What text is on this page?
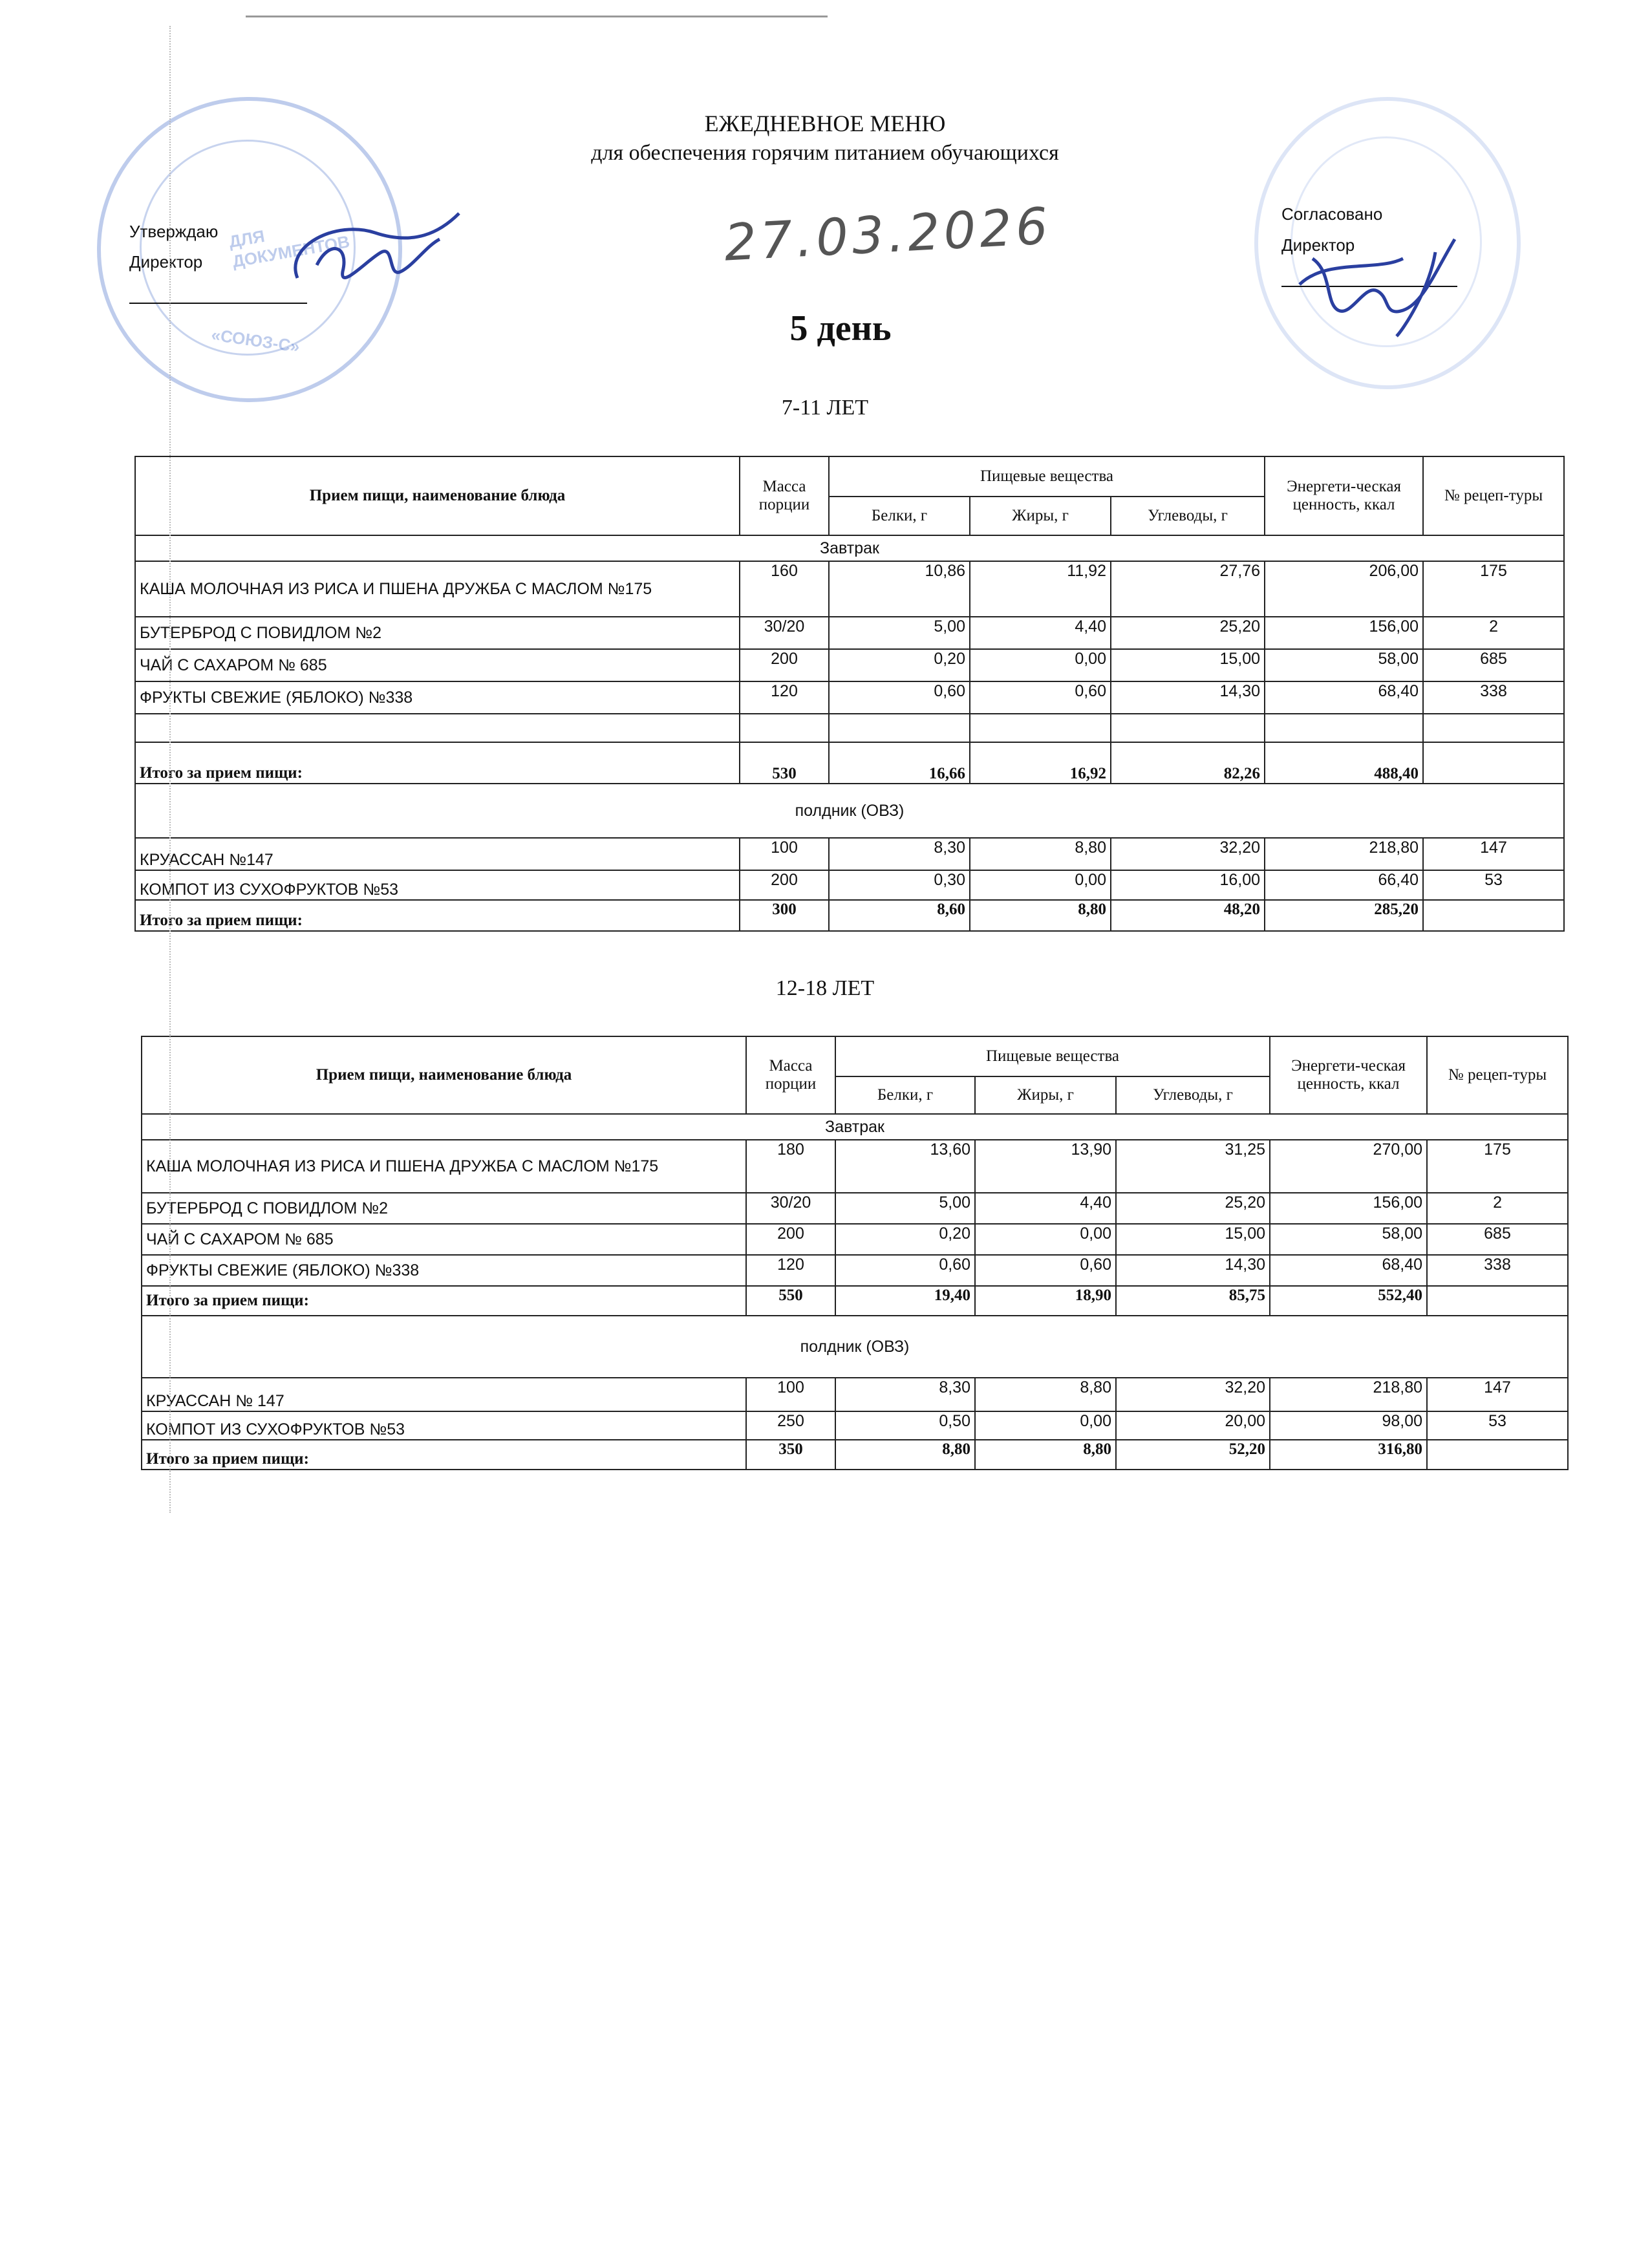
ЕЖЕДНЕВНОЕ МЕНЮ
для обеспечения горячим питанием обучающихся
ДЛЯ ДОКУМЕНТОВ
«СОЮЗ-С»
Утверждаю
Директор	27.03.2026	Согласовано
Директор
5 день
7-11 ЛЕТ
Прием пищи, наименование блюда	Масса порции	Пищевые вещества			Энергети-ческая ценность, ккал	№ рецеп-туры
		Белки, г	Жиры, г	Углеводы, г		
Завтрак						
КАША МОЛОЧНАЯ ИЗ РИСА И ПШЕНА ДРУЖБА С МАСЛОМ №175	160	10,86	11,92	27,76	206,00	175
БУТЕРБРОД С ПОВИДЛОМ №2	30/20	5,00	4,40	25,20	156,00	2
ЧАЙ С САХАРОМ № 685	200	0,20	0,00	15,00	58,00	685
ФРУКТЫ СВЕЖИЕ (ЯБЛОКО) №338	120	0,60	0,60	14,30	68,40	338

Итого за прием пищи:	530	16,66	16,92	82,26	488,40	
полдник (ОВЗ)						
КРУАССАН №147	100	8,30	8,80	32,20	218,80	147
КОМПОТ ИЗ СУХОФРУКТОВ №53	200	0,30	0,00	16,00	66,40	53
Итого за прием пищи:	300	8,60	8,80	48,20	285,20	
12-18 ЛЕТ
Прием пищи, наименование блюда	Масса порции	Пищевые вещества			Энергети-ческая ценность, ккал	№ рецеп-туры
		Белки, г	Жиры, г	Углеводы, г		
Завтрак						
КАША МОЛОЧНАЯ ИЗ РИСА И ПШЕНА ДРУЖБА С МАСЛОМ №175	180	13,60	13,90	31,25	270,00	175
БУТЕРБРОД С ПОВИДЛОМ №2	30/20	5,00	4,40	25,20	156,00	2
ЧАЙ С САХАРОМ № 685	200	0,20	0,00	15,00	58,00	685
ФРУКТЫ СВЕЖИЕ (ЯБЛОКО) №338	120	0,60	0,60	14,30	68,40	338
Итого за прием пищи:	550	19,40	18,90	85,75	552,40	
полдник (ОВЗ)						
КРУАССАН № 147	100	8,30	8,80	32,20	218,80	147
КОМПОТ ИЗ СУХОФРУКТОВ №53	250	0,50	0,00	20,00	98,00	53
Итого за прием пищи:	350	8,80	8,80	52,20	316,80	
